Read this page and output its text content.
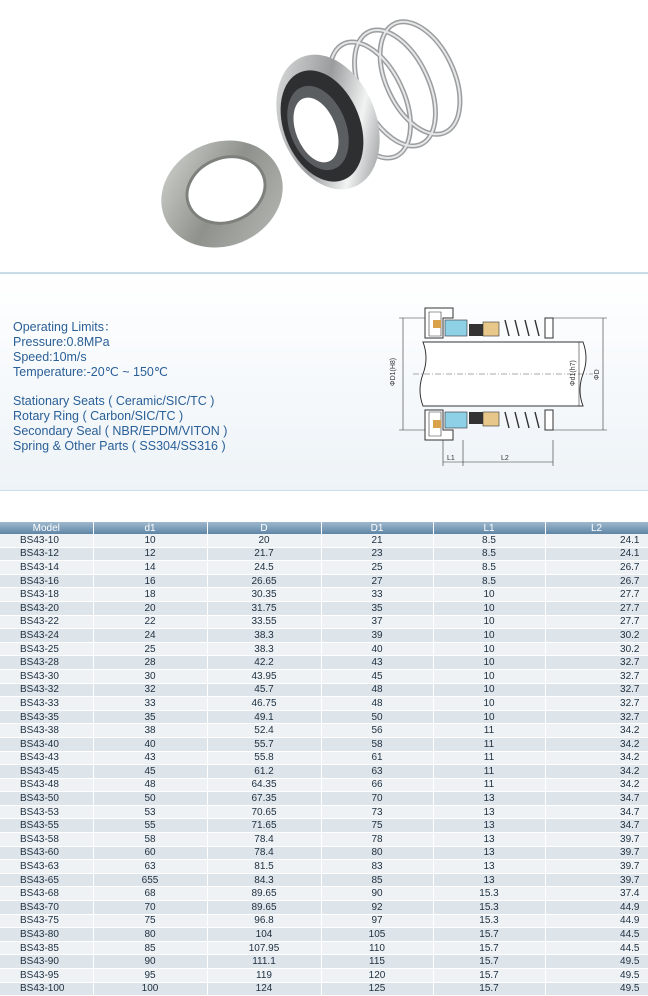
Operating Limits：
Pressure:0.8MPa
Speed:10m/s
Temperature:-20℃ ~ 150℃
Stationary Seats ( Ceramic/SIC/TC )
Rotary Ring ( Carbon/SIC/TC )
Secondary Seal ( NBR/EPDM/VITON )
Spring & Other Parts ( SS304/SS316 )
ΦD1(H8)	Φd1(h7) ΦD
L1	L2
Model	d1	D	D1	L1	L2
BS43-10	10	20	21	8.5	24.1
BS43-12	12	21.7	23	8.5	24.1
BS43-14	14	24.5	25	8.5	26.7
BS43-16	16	26.65	27	8.5	26.7
BS43-18	18	30.35	33	10	27.7
BS43-20	20	31.75	35	10	27.7
BS43-22	22	33.55	37	10	27.7
BS43-24	24	38.3	39	10	30.2
BS43-25	25	38.3	40	10	30.2
BS43-28	28	42.2	43	10	32.7
BS43-30	30	43.95	45	10	32.7
BS43-32	32	45.7	48	10	32.7
BS43-33	33	46.75	48	10	32.7
BS43-35	35	49.1	50	10	32.7
BS43-38	38	52.4	56	11	34.2
BS43-40	40	55.7	58	11	34.2
BS43-43	43	55.8	61	11	34.2
BS43-45	45	61.2	63	11	34.2
BS43-48	48	64.35	66	11	34.2
BS43-50	50	67.35	70	13	34.7
BS43-53	53	70.65	73	13	34.7
BS43-55	55	71.65	75	13	34.7
BS43-58	58	78.4	78	13	39.7
BS43-60	60	78.4	80	13	39.7
BS43-63	63	81.5	83	13	39.7
BS43-65	655	84.3	85	13	39.7
BS43-68	68	89.65	90	15.3	37.4
BS43-70	70	89.65	92	15.3	44.9
BS43-75	75	96.8	97	15.3	44.9
BS43-80	80	104	105	15.7	44.5
BS43-85	85	107.95	110	15.7	44.5
BS43-90	90	111.1	115	15.7	49.5
BS43-95	95	119	120	15.7	49.5
BS43-100	100	124	125	15.7	49.5
